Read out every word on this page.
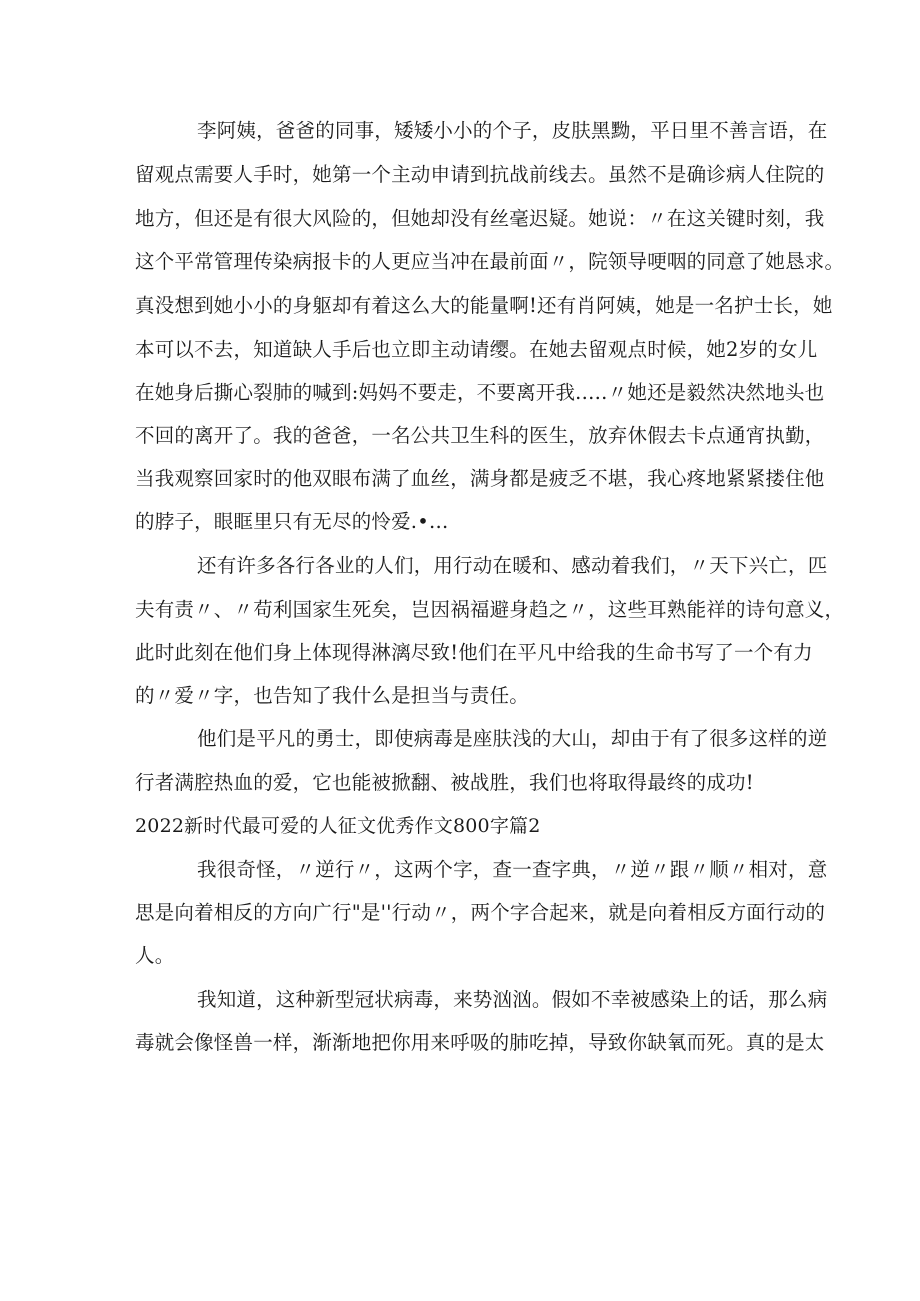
李阿姨，爸爸的同事，矮矮小小的个子，皮肤黑黝，平日里不善言语，在
留观点需要人手时，她第一个主动申请到抗战前线去。虽然不是确诊病人住院的
地方，但还是有很大风险的，但她却没有丝毫迟疑。她说：〃在这关键时刻，我
这个平常管理传染病报卡的人更应当冲在最前面〃，院领导哽咽的同意了她恳求。
真没想到她小小的身躯却有着这么大的能量啊!还有肖阿姨，她是一名护士长，她
本可以不去，知道缺人手后也立即主动请缨。在她去留观点时候，她2岁的女儿
在她身后撕心裂肺的喊到:妈妈不要走，不要离开我..…〃她还是毅然决然地头也
不回的离开了。我的爸爸，一名公共卫生科的医生，放弃休假去卡点通宵执勤，
当我观察回家时的他双眼布满了血丝，满身都是疲乏不堪，我心疼地紧紧搂住他
的脖子，眼眶里只有无尽的怜爱.•…
还有许多各行各业的人们，用行动在暖和、感动着我们，〃天下兴亡，匹
夫有责〃、〃苟利国家生死矣，岂因祸福避身趋之〃，这些耳熟能祥的诗句意义，
此时此刻在他们身上体现得淋漓尽致!他们在平凡中给我的生命书写了一个有力
的〃爱〃字，也告知了我什么是担当与责任。
他们是平凡的勇士，即使病毒是座肤浅的大山，却由于有了很多这样的逆
行者满腔热血的爱，它也能被掀翻、被战胜，我们也将取得最终的成功!
2022新时代最可爱的人征文优秀作文800字篇2
我很奇怪，〃逆行〃，这两个字，查一查字典，〃逆〃跟〃顺〃相对，意
思是向着相反的方向广行"是''行动〃，两个字合起来，就是向着相反方面行动的
人。
我知道，这种新型冠状病毒，来势汹汹。假如不幸被感染上的话，那么病
毒就会像怪兽一样，渐渐地把你用来呼吸的肺吃掉，导致你缺氧而死。真的是太
